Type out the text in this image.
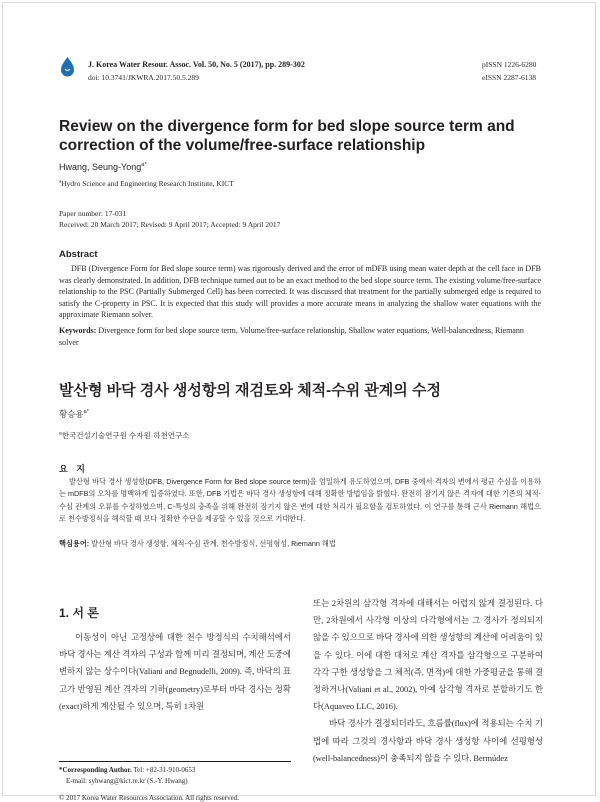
J. Korea Water Resour. Assoc. Vol. 50, No. 5 (2017), pp. 289-302
doi: 10.3741/JKWRA.2017.50.5.289
pISSN 1226-6280
eISSN 2287-6138
Review on the divergence form for bed slope source term and correction of the volume/free-surface relationship
Hwang, Seung-Yong$^{a*}$
$^a$Hydro Science and Engineering Research Institute, KICT
Paper number: 17-031
Received: 20 March 2017; Revised: 9 April 2017; Accepted: 9 April 2017
Abstract
DFB (Divergence Form for Bed slope source term) was rigorously derived and the error of mDFB using mean water depth at the cell face in DFB was clearly demonstrated. In addition, DFB technique turned out to be an exact method to the bed slope source term. The existing volume/free-surface relationship to the PSC (Partially Submerged Cell) has been corrected. It was discussed that treatment for the partially submerged edge is required to satisfy the C-property in PSC. It is expected that this study will provides a more accurate means in analyzing the shallow water equations with the approximate Riemann solver.
Keywords: Divergence form for bed slope source term, Volume/free-surface relationship, Shallow water equations, Well-balancedness, Riemann solver
발산형 바닥 경사 생성항의 재검토와 체적-수위 관계의 수정
황승용$^{a*}$
$^a$한국건설기술연구원 수자원·하천연구소
요 지
발산형 바닥 경사 생성항(DFB, Divergence Form for Bed slope source term)을 엄밀하게 유도하였으며, DFB 중에서 격자의 변에서 평균 수심을 이용하는 mDFB의 오차를 명백하게 입증하였다. 또한, DFB 기법은 바닥 경사 생성항에 대해 정확한 방법임을 밝혔다. 완전히 잠기지 않은 격자에 대한 기존의 체적-수심 관계의 오류를 수정하였으며, C-특성의 충족을 위해 완전히 잠기지 않은 변에 대한 처리가 필요함을 검토하였다. 이 연구를 통해 근사 Riemann 해법으로 천수방정식을 해석할 때 보다 정확한 수단을 제공할 수 있을 것으로 기대한다.
핵심용어: 발산형 바닥 경사 생성항, 체적-수심 관계, 천수방정식, 선평형성, Riemann 해법
1. 서 론
이동성이 아닌 고정상에 대한 천수 방정식의 수치해석에서 바닥 경사는 계산 격자의 구성과 함께 미리 결정되며, 계산 도중에 변하지 않는 상수이다(Valiani and Begnudelli, 2009). 즉, 바닥의 표고가 반영된 계산 격자의 기하(geometry)로부터 바닥 경사는 정확(exact)하게 계산될 수 있으며, 특히 1차원
또는 2차원의 삼각형 격자에 대해서는 어렵지 않게 결정된다. 다만, 2차원에서 사각형 이상의 다각형에서는 그 경사가 정의되지 않을 수 있으므로 바닥 경사에 의한 생성항의 계산에 어려움이 있을 수 있다. 이에 대한 대처로 계산 격자를 삼각형으로 구분하여 각각 구한 생성항을 그 체적(즉, 면적)에 대한 가중평균을 통해 결정하거나(Valiani et al., 2002), 아예 삼각형 격자로 분할하기도 한다(Aquaveo LLC, 2016).
바닥 경사가 결정되더라도, 흐름률(flux)에 적용되는 수치 기법에 따라 그것의 경사항과 바닥 경사 생성항 사이에 선평형성(well-balancedness)이 충족되지 않을 수 있다. Bermúdez
*Corresponding Author. Tel: +82-31-910-0653
E-mail: syhwang@kict.re.kr (S.-Y. Hwang)
© 2017 Korea Water Resources Association. All rights reserved.
